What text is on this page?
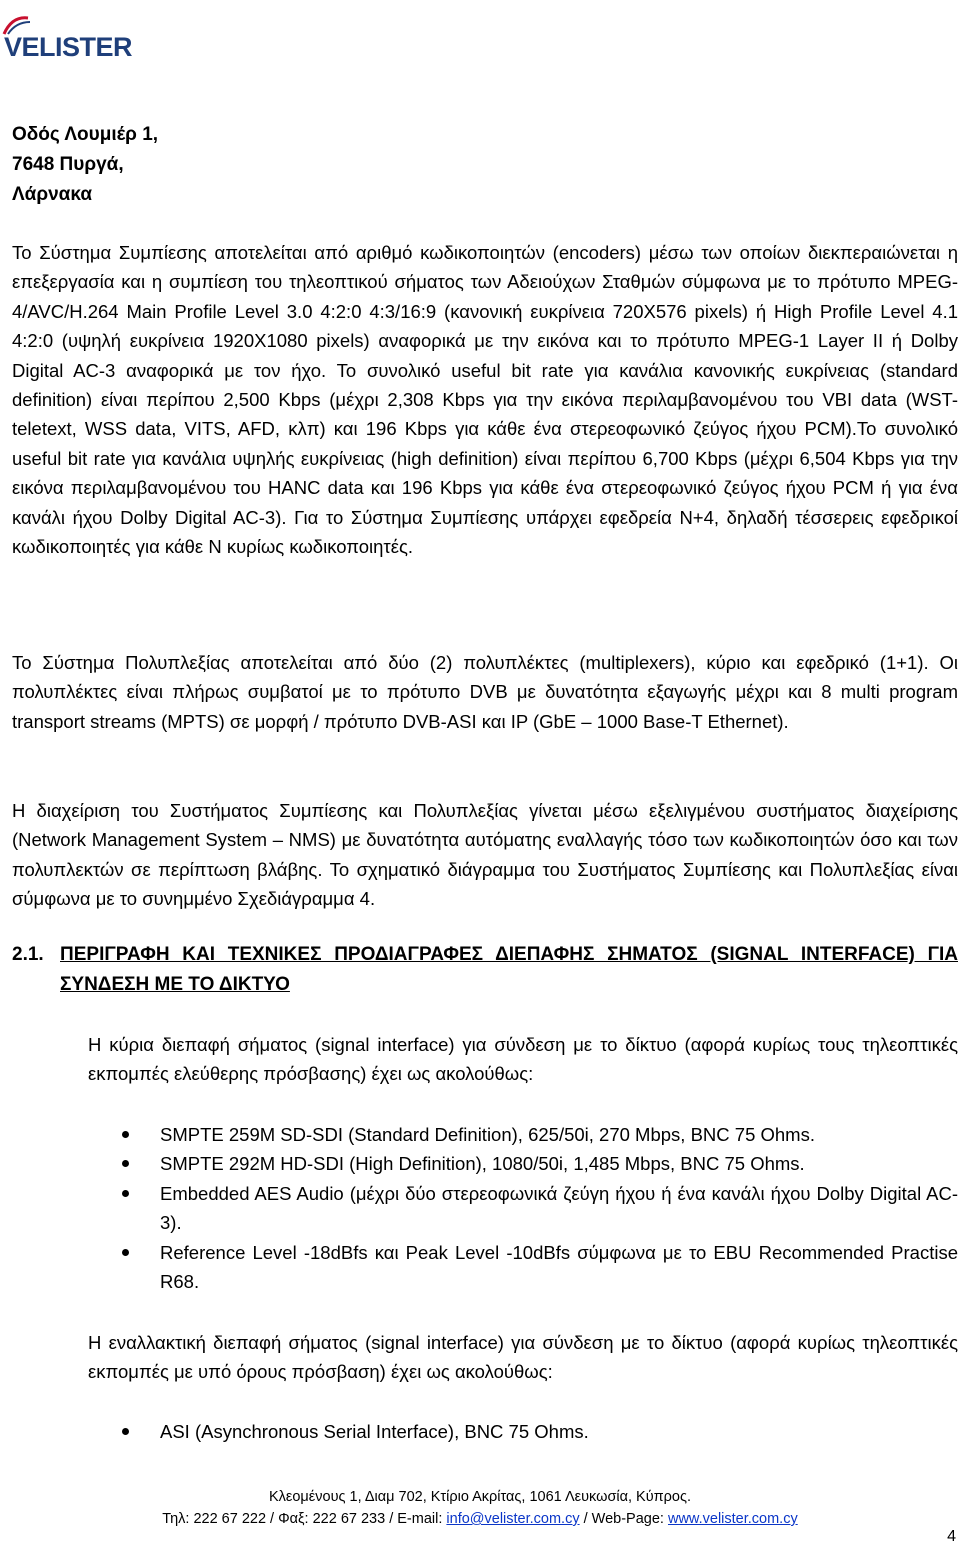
VELISTER
Οδός Λουμιέρ 1,
7648 Πυργά,
Λάρνακα
Το Σύστημα Συμπίεσης αποτελείται από αριθμό κωδικοποιητών (encoders) μέσω των οποίων διεκπεραιώνεται η επεξεργασία και η συμπίεση του τηλεοπτικού σήματος των Αδειούχων Σταθμών σύμφωνα με το πρότυπο MPEG-4/AVC/H.264 Main Profile Level 3.0 4:2:0 4:3/16:9 (κανονική ευκρίνεια 720X576 pixels) ή High Profile Level 4.1 4:2:0 (υψηλή ευκρίνεια 1920X1080 pixels) αναφορικά με την εικόνα και το πρότυπο MPEG-1 Layer II ή Dolby Digital AC-3 αναφορικά με τον ήχο. Το συνολικό useful bit rate για κανάλια κανονικής ευκρίνειας (standard definition) είναι περίπου 2,500 Kbps (μέχρι 2,308 Kbps για την εικόνα περιλαμβανομένου του VBI data (WST-teletext, WSS data, VITS, AFD, κλπ) και 196 Kbps για κάθε ένα στερεοφωνικό ζεύγος ήχου PCM).Το συνολικό useful bit rate για κανάλια υψηλής ευκρίνειας (high definition) είναι περίπου 6,700 Kbps (μέχρι 6,504 Kbps για την εικόνα περιλαμβανομένου του HANC data και 196 Kbps για κάθε ένα στερεοφωνικό ζεύγος ήχου PCM ή για ένα κανάλι ήχου Dolby Digital AC-3). Για το Σύστημα Συμπίεσης υπάρχει εφεδρεία N+4, δηλαδή τέσσερεις εφεδρικοί κωδικοποιητές για κάθε N κυρίως κωδικοποιητές.
Το Σύστημα Πολυπλεξίας αποτελείται από δύο (2) πολυπλέκτες (multiplexers), κύριο και εφεδρικό (1+1). Οι πολυπλέκτες είναι πλήρως συμβατοί με το πρότυπο DVB με δυνατότητα εξαγωγής μέχρι και 8 multi program transport streams (MPTS) σε μορφή / πρότυπο DVB-ASI και IP (GbE – 1000 Base-T Ethernet).
Η διαχείριση του Συστήματος Συμπίεσης και Πολυπλεξίας γίνεται μέσω εξελιγμένου συστήματος διαχείρισης (Network Management System – NMS) με δυνατότητα αυτόματης εναλλαγής τόσο των κωδικοποιητών όσο και των πολυπλεκτών σε περίπτωση βλάβης. Το σχηματικό διάγραμμα του Συστήματος Συμπίεσης και Πολυπλεξίας είναι σύμφωνα με το συνημμένο Σχεδιάγραμμα 4.
2.1. ΠΕΡΙΓΡΑΦΗ ΚΑΙ ΤΕΧΝΙΚΕΣ ΠΡΟΔΙΑΓΡΑΦΕΣ ΔΙΕΠΑΦΗΣ ΣΗΜΑΤΟΣ (SIGNAL INTERFACE) ΓΙΑ ΣΥΝΔΕΣΗ ΜΕ ΤΟ ΔΙΚΤΥΟ
Η κύρια διεπαφή σήματος (signal interface) για σύνδεση με το δίκτυο (αφορά κυρίως τους τηλεοπτικές εκπομπές ελεύθερης πρόσβασης) έχει ως ακολούθως:
SMPTE 259M SD-SDI (Standard Definition), 625/50i, 270 Mbps, BNC 75 Ohms.
SMPTE 292M HD-SDI (High Definition), 1080/50i, 1,485 Mbps, BNC 75 Ohms.
Embedded AES Audio (μέχρι δύο στερεοφωνικά ζεύγη ήχου ή ένα κανάλι ήχου Dolby Digital AC-3).
Reference Level -18dBfs και Peak Level -10dBfs σύμφωνα με το EBU Recommended Practise R68.
Η εναλλακτική διεπαφή σήματος (signal interface) για σύνδεση με το δίκτυο (αφορά κυρίως τηλεοπτικές εκπομπές με υπό όρους πρόσβαση) έχει ως ακολούθως:
ASI (Asynchronous Serial Interface), BNC 75 Ohms.
Κλεομένους 1, Διαμ 702, Κτίριο Ακρίτας, 1061 Λευκωσία, Κύπρος.
Τηλ: 222 67 222 / Φαξ: 222 67 233 / E-mail: info@velister.com.cy / Web-Page: www.velister.com.cy
4
